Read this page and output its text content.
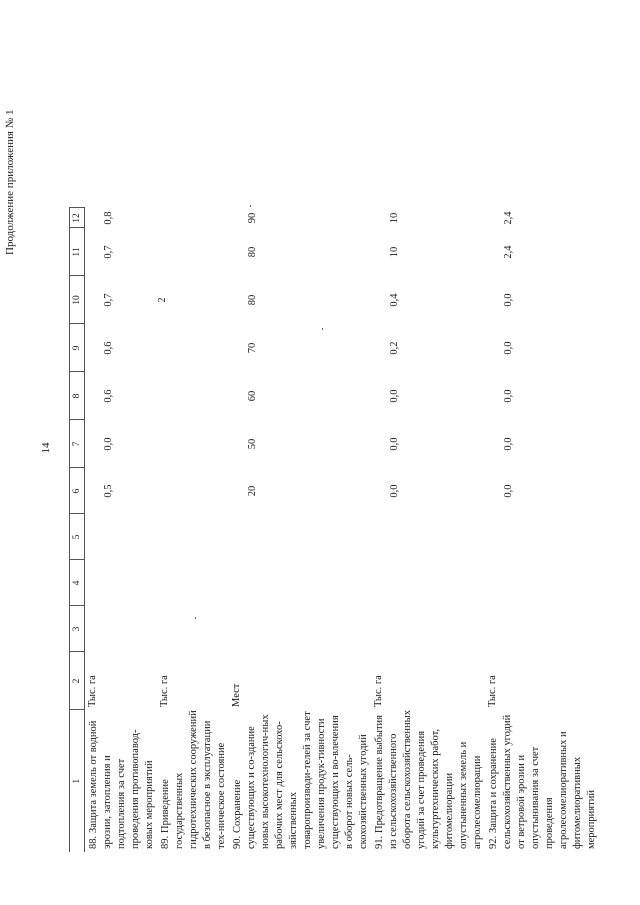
14
Продолжение приложения № 1
1	2	3	4	5	6	7	8	9	10	11	12
88.Защита земель от водной эрозии, затопления и подтопления за счет проведения противопавод-ковых мероприятий	Тыс. га				0,5	0,0	0,6	0,6	0,7	0,7	0,8
89.Приведение государственных гидротехнических сооружений в безопасное в эксплуатации тех-ническое состояние	Тыс. га								2		
90.Сохранение существующих и со-здание новых высокотехнологич-ных рабочих мест для сельскохо-зяйственных товаропроизводи-телей за счет увеличения продук-тивности существующих и во-влечения в оборот новых сель-скохозяйственных угодий	Мест				20	50	60	70	80	80	90
91.Предотвращение выбытия из сельскохозяйственного оборота сельскохозяйственных угодий за счет проведения культуртехнических работ, фитомелиорации опустыненных земель и агролесомелиорации	Тыс. га				0,0	0,0	0,0	0,2	0,4	10	10
92.Защита и сохранение сельскохозяйственных угодий от ветровой эрозии и опустынивания за счет проведения агролесомелиоративных и фитомелиоративных мероприятий	Тыс. га				0,0	0,0	0,0	0,0	0,0	2,4	2,4
